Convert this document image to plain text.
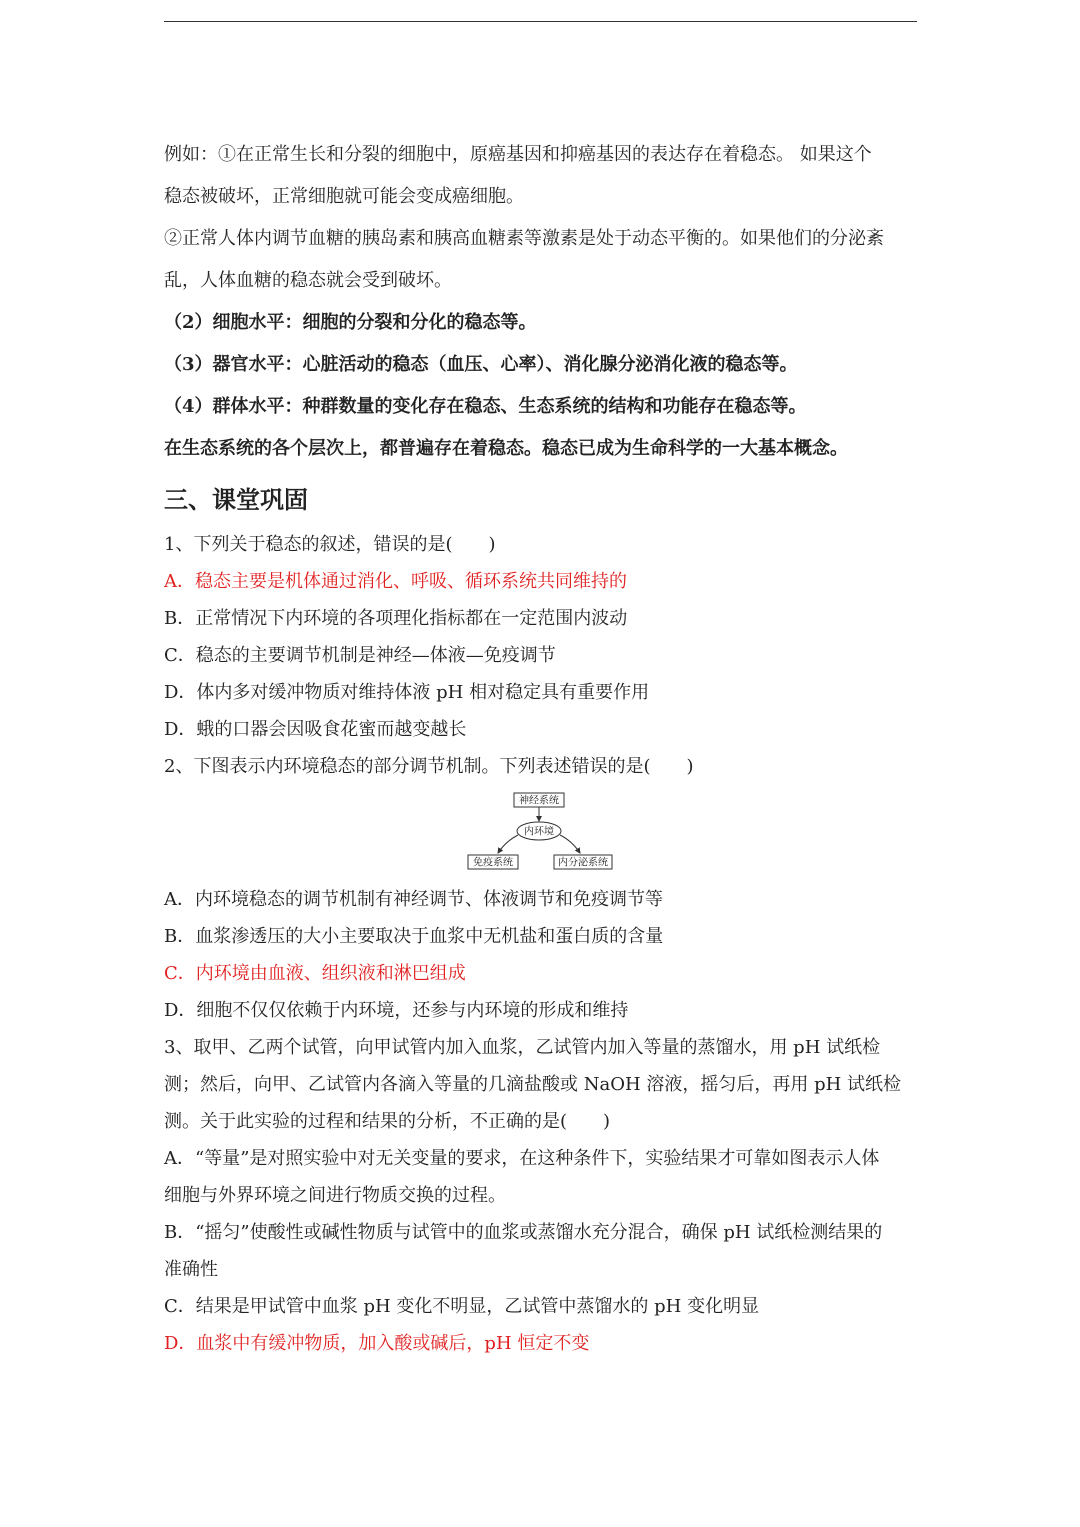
例如：①在正常生长和分裂的细胞中，原癌基因和抑癌基因的表达存在着稳态。 如果这个

稳态被破坏，正常细胞就可能会变成癌细胞。

②正常人体内调节血糖的胰岛素和胰高血糖素等激素是处于动态平衡的。如果他们的分泌紊

乱，人体血糖的稳态就会受到破坏。

（2）细胞水平：细胞的分裂和分化的稳态等。

（3）器官水平：心脏活动的稳态（血压、心率）、消化腺分泌消化液的稳态等。

（4）群体水平：种群数量的变化存在稳态、生态系统的结构和功能存在稳态等。

在生态系统的各个层次上，都普遍存在着稳态。稳态已成为生命科学的一大基本概念。

三、课堂巩固

1、下列关于稳态的叙述，错误的是(　　)

A．稳态主要是机体通过消化、呼吸、循环系统共同维持的

B．正常情况下内环境的各项理化指标都在一定范围内波动

C．稳态的主要调节机制是神经—体液—免疫调节

D．体内多对缓冲物质对维持体液 pH 相对稳定具有重要作用

D．蛾的口器会因吸食花蜜而越变越长

2、下图表示内环境稳态的部分调节机制。下列表述错误的是(　　)

神经系统
内环境
免疫系统	内分泌系统

A．内环境稳态的调节机制有神经调节、体液调节和免疫调节等

B．血浆渗透压的大小主要取决于血浆中无机盐和蛋白质的含量

C．内环境由血液、组织液和淋巴组成

D．细胞不仅仅依赖于内环境，还参与内环境的形成和维持

3、取甲、乙两个试管，向甲试管内加入血浆，乙试管内加入等量的蒸馏水，用 pH 试纸检

测；然后，向甲、乙试管内各滴入等量的几滴盐酸或 NaOH 溶液，摇匀后，再用 pH 试纸检

测。关于此实验的过程和结果的分析，不正确的是(　　)

A．“等量”是对照实验中对无关变量的要求，在这种条件下，实验结果才可靠如图表示人体

细胞与外界环境之间进行物质交换的过程。

B．“摇匀”使酸性或碱性物质与试管中的血浆或蒸馏水充分混合，确保 pH 试纸检测结果的

准确性

C．结果是甲试管中血浆 pH 变化不明显，乙试管中蒸馏水的 pH 变化明显

D．血浆中有缓冲物质，加入酸或碱后，pH 恒定不变
